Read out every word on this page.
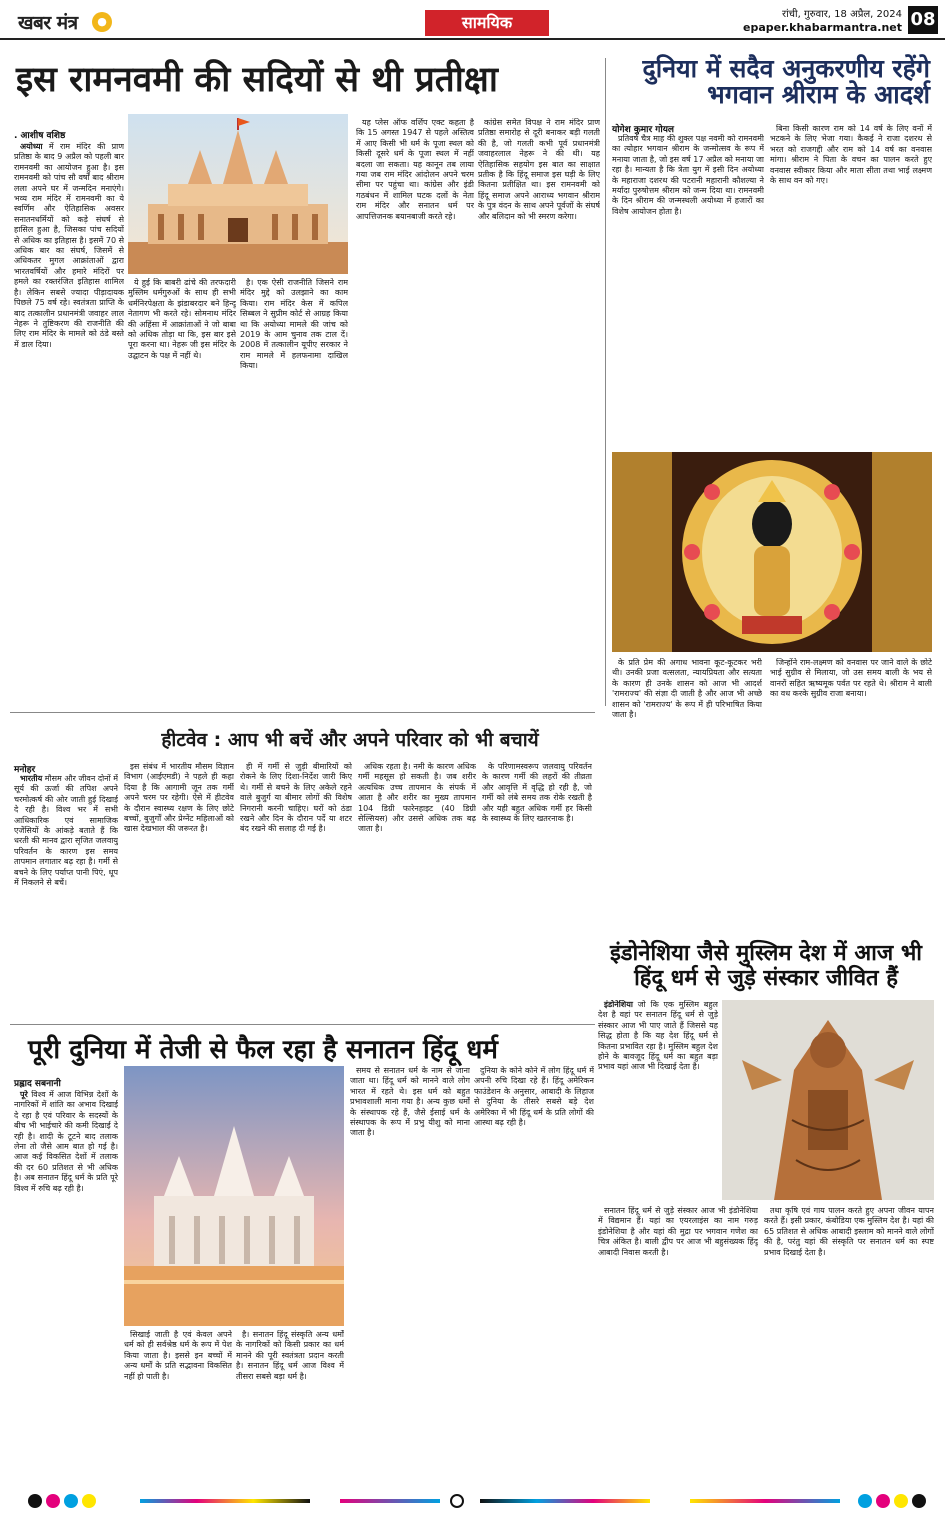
खबर मंत्र	●	सामयिक	रांची, गुरुवार, 18 अप्रैल, 2024
epaper.khabarmantra.net 08
इस रामनवमी की सदियों से थी प्रतीक्षा
. आशीष वशिष्ठ

अयोध्या में राम मंदिर की प्राण प्रतिष्ठा के बाद 9 अप्रैल को पहली बार रामनवमी का आयोजन हुआ है। इस रामनवमी को पांच सौ वर्षों बाद श्रीराम लला अपने घर में जन्मदिन मनाएंगे। भव्य राम मंदिर में रामनवमी का ये स्वर्णिम और ऐतिहासिक अवसर सनातनधर्मियों को कड़े संघर्ष से हासिल हुआ है, जिसका पांच सदियों से अधिक का इतिहास है। इसमें 70 से अधिक बार का संघर्ष, जिसमें से अधिकतर मुगल आक्रांताओं द्वारा भारतवर्षियों और हमारे मंदिरों पर हमले का रक्तरंजित इतिहास शामिल है। लेकिन सबसे ज्यादा पीड़ादायक पिछले 75 वर्ष रहे। स्वतंत्रता प्राप्ति के बाद तत्कालीन प्रधानमंत्री जवाहर लाल नेहरू ने तुष्टिकरण की राजनीति की लिए राम मंदिर के मामले को ठंडे बस्ते में डाल दिया।

ये हुई कि बाबरी ढांचे की तरफदारी मुस्लिम धर्मगुरुओं के साथ ही सभी धर्मनिरपेक्षता के झंडाबरदार बने हिन्दू नेतागण भी करते रहे। सोमनाथ मंदिर की अहिंसा में आक्रांताओं ने जो बाबा को अधिक तोड़ा था कि, इस बार इसे पूरा करना था। नेहरू जी इस मंदिर के उद्घाटन के पक्ष में नहीं थे।

है। एक ऐसी राजनीति जिसने राम मंदिर मुद्दे को उलझाने का काम किया। राम मंदिर केस में कपिल सिब्बल ने सुप्रीम कोर्ट से आग्रह किया था कि अयोध्या मामले की जांच को 2019 के आम चुनाव तक टाल दें। 2008 में तत्कालीन यूपीए सरकार ने राम मामले में हलफनामा दाखिल किया।

यह प्लेस ऑफ वर्शिप एक्ट कहता है कि 15 अगस्त 1947 से पहले अस्तित्व में आए किसी भी धर्म के पूजा स्थल को किसी दूसरे धर्म के पूजा स्थल में नहीं बदला जा सकता। यह कानून तब लाया गया जब राम मंदिर आंदोलन अपने चरम सीमा पर पहुंचा था। कांग्रेस और इंडी गठबंधन में शामिल घटक दलों के नेता राम मंदिर और सनातन धर्म पर आपत्तिजनक बयानबाजी करते रहे।

कांग्रेस समेत विपक्ष ने राम मंदिर प्राण प्रतिष्ठा समारोह से दूरी बनाकर बड़ी गलती की है, जो गलती कभी पूर्व प्रधानमंत्री जवाहरलाल नेहरू ने की थी। यह ऐतिहासिक सहयोग इस बात का साक्षात प्रतीक है कि हिंदू समाज इस घड़ी के लिए कितना प्रतीक्षित था। इस रामनवमी को हिंदू समाज अपने आराध्य भगवान श्रीराम के पुत्र वंदन के साथ अपने पूर्वजों के संघर्ष और बलिदान को भी स्मरण करेगा।

दुनिया में सदैव अनुकरणीय रहेंगे भगवान श्रीराम के आदर्श
योगेश कुमार गोयल

प्रतिवर्ष चैत्र माह की शुक्ल पक्ष नवमी को रामनवमी का त्योहार भगवान श्रीराम के जन्मोत्सव के रूप में मनाया जाता है, जो इस वर्ष 17 अप्रैल को मनाया जा रहा है। मान्यता है कि त्रेता युग में इसी दिन अयोध्या के महाराजा दशरथ की पटरानी महारानी कौशल्या ने मर्यादा पुरुषोत्तम श्रीराम को जन्म दिया था। रामनवमी के दिन श्रीराम की जन्मस्थली अयोध्या में हजारों का विशेष आयोजन होता है।

बिना किसी कारण राम को 14 वर्ष के लिए वनों में भटकने के लिए भेजा गया। कैकई ने राजा दशरथ से भरत को राजगद्दी और राम को 14 वर्ष का वनवास मांगा। श्रीराम ने पिता के वचन का पालन करते हुए वनवास स्वीकार किया और माता सीता तथा भाई लक्ष्मण के साथ वन को गए।

के प्रति प्रेम की अगाध भावना कूट-कूटकर भरी थी। उनकी प्रजा वत्सलता, न्यायप्रियता और सत्यता के कारण ही उनके शासन को आज भी आदर्श 'रामराज्य' की संज्ञा दी जाती है और आज भी अच्छे शासन को 'रामराज्य' के रूप में ही परिभाषित किया जाता है।

जिन्होंने राम-लक्ष्मण को वनवास पर जाने वाले के छोटे भाई सुग्रीव से मिलाया, जो उस समय बाली के भय से वानरों सहित ऋष्यमूक पर्वत पर रहते थे। श्रीराम ने बाली का वध करके सुग्रीव राजा बनाया।

हीटवेव : आप भी बचें और अपने परिवार को भी बचायें
मनोहर

भारतीय मौसम और जीवन दोनों में सूर्य की ऊर्जा की तपिश अपने चरमोत्कर्ष की ओर जाती हुई दिखाई दे रही है। विश्व भर में सभी आधिकारिक एवं सामाजिक एजेंसियों के आंकड़े बताते हैं कि धरती की मानव द्वारा सृजित जलवायु परिवर्तन के कारण इस समय तापमान लगातार बढ़ रहा है। गर्मी से बचने के लिए पर्याप्त पानी पिएं, धूप में निकलने से बचें।

इस संबंध में भारतीय मौसम विज्ञान विभाग (आईएमडी) ने पहले ही कहा दिया है कि आगामी जून तक गर्मी अपने चरम पर रहेगी। ऐसे में हीटवेव के दौरान स्वास्थ्य रक्षण के लिए छोटे बच्चों, बुजुर्गों और प्रेग्नेंट महिलाओं को खास देखभाल की जरूरत है।

ही में गर्मी से जुड़ी बीमारियों को रोकने के लिए दिशा-निर्देश जारी किए थे। गर्मी से बचने के लिए अकेले रहने वाले बुजुर्ग या बीमार लोगों की विशेष निगरानी करनी चाहिए। घरों को ठंडा रखने और दिन के दौरान पर्दे या शटर बंद रखने की सलाह दी गई है।

अधिक रहता है। नमी के कारण अधिक गर्मी महसूस हो सकती है। जब शरीर अत्यधिक उच्च तापमान के संपर्क में आता है और शरीर का मुख्य तापमान 104 डिग्री फारेनहाइट (40 डिग्री सेल्सियस) और उससे अधिक तक बढ़ जाता है।

के परिणामस्वरूप जलवायु परिवर्तन के कारण गर्मी की लहरों की तीव्रता और आवृत्ति में वृद्धि हो रही है, जो गर्मी को लंबे समय तक रोके रखती है और यही बहुत अधिक गर्मी हर किसी के स्वास्थ्य के लिए खतरनाक है।

इंडोनेशिया जैसे मुस्लिम देश में आज भी हिंदू धर्म से जुड़े संस्कार जीवित हैं

इंडोनेशिया जो कि एक मुस्लिम बहुल देश है वहां पर सनातन हिंदू धर्म से जुड़े संस्कार आज भी पाए जाते हैं जिससे यह सिद्ध होता है कि यह देश हिंदू धर्म से कितना प्रभावित रहा है। मुस्लिम बहुल देश होने के बावजूद हिंदू धर्म का बहुत बड़ा प्रभाव यहां आज भी दिखाई देता है।

सनातन हिंदू धर्म से जुड़े संस्कार आज भी इंडोनेशिया में विद्यमान हैं। यहां का एयरलाइंस का नाम गरुड़ इंडोनेशिया है और यहां की मुद्रा पर भगवान गणेश का चित्र अंकित है। बाली द्वीप पर आज भी बहुसंख्यक हिंदू आबादी निवास करती है।

तथा कृषि एवं गाय पालन करते हुए अपना जीवन यापन करते हैं। इसी प्रकार, कंबोडिया एक मुस्लिम देश है। यहां की 65 प्रतिशत से अधिक आबादी इस्लाम को मानने वाले लोगों की है, परंतु यहां की संस्कृति पर सनातन धर्म का स्पष्ट प्रभाव दिखाई देता है।

पूरी दुनिया में तेजी से फैल रहा है सनातन हिंदू धर्म
प्रह्लाद सबनानी

पूरे विश्व में आज विभिन्न देशों के नागरिकों में शांति का अभाव दिखाई दे रहा है एवं परिवार के सदस्यों के बीच भी भाईचारे की कमी दिखाई दे रही है। शादी के टूटने बाद तलाक लेना तो जैसे आम बात हो गई है। आज कई विकसित देशों में तलाक की दर 60 प्रतिशत से भी अधिक है। अब सनातन हिंदू धर्म के प्रति पूरे विश्व में रुचि बढ़ रही है।

सिखाई जाती है एवं केवल अपने धर्म को ही सर्वश्रेष्ठ धर्म के रूप में पेश किया जाता है। इससे इन बच्चों में अन्य धर्मों के प्रति सद्भावना विकसित नहीं हो पाती है।

है। सनातन हिंदू संस्कृति अन्य धर्मों के नागरिकों को किसी प्रकार का धर्म मानने की पूरी स्वतंत्रता प्रदान करती है। सनातन हिंदू धर्म आज विश्व में तीसरा सबसे बड़ा धर्म है।

समय से सनातन धर्म के नाम से जाना जाता था। हिंदू धर्म को मानने वाले लोग भारत में रहते थे। इस धर्म को बहुत प्रभावशाली माना गया है। अन्य कुछ धर्मों के संस्थापक रहे हैं, जैसे ईसाई धर्म के संस्थापक के रूप में प्रभु यीशु को माना जाता है।

दुनिया के कोने कोने में लोग हिंदू धर्म में अपनी रुचि दिखा रहे हैं। हिंदू अमेरिकन फाउंडेशन के अनुसार, आबादी के लिहाज से दुनिया के तीसरे सबसे बड़े देश अमेरिका में भी हिंदू धर्म के प्रति लोगों की आस्था बढ़ रही है।
